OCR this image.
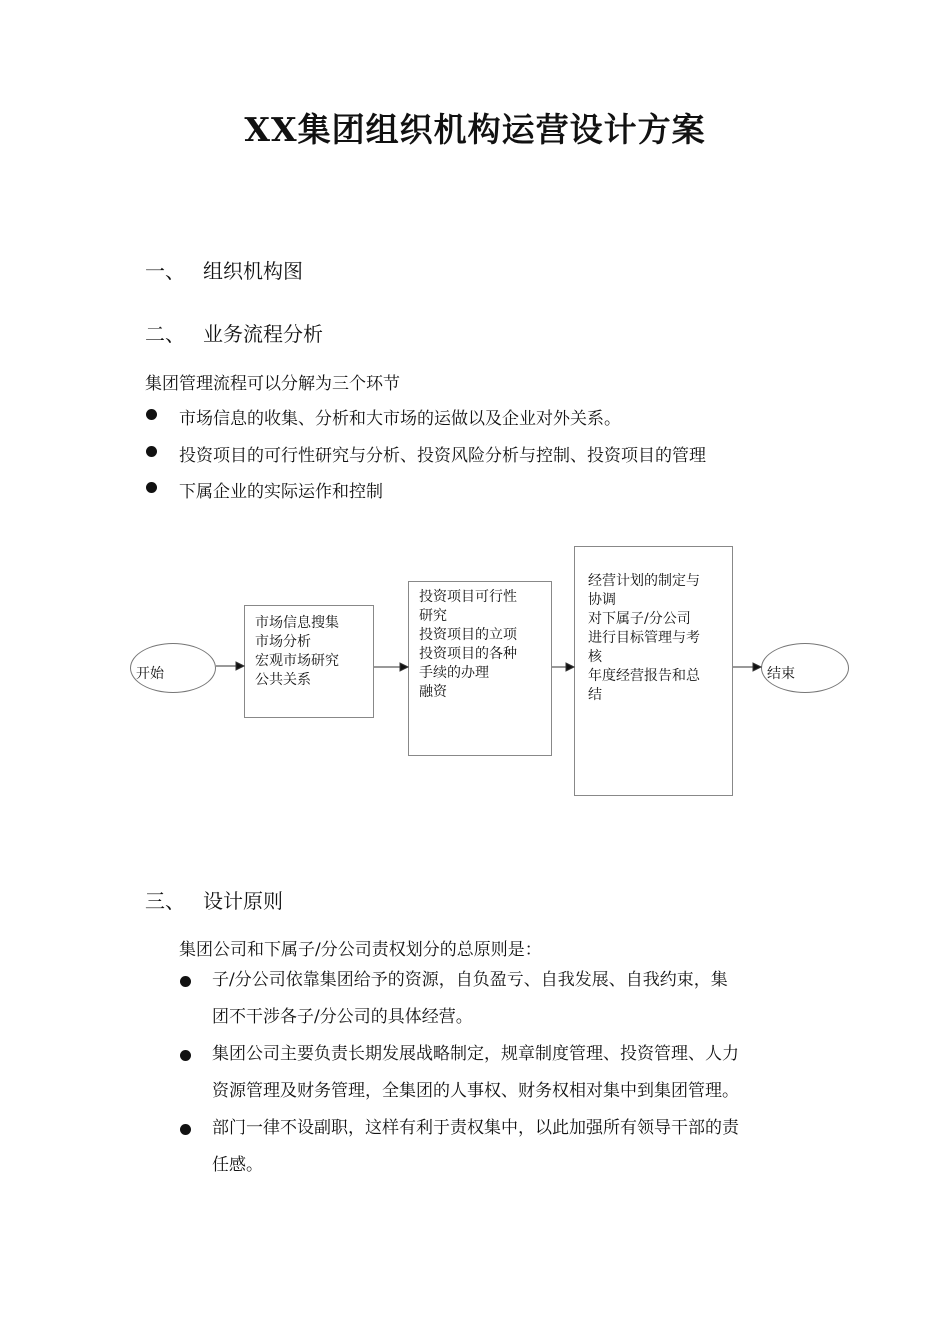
XX集团组织机构运营设计方案
一、 组织机构图
二、 业务流程分析
集团管理流程可以分解为三个环节
市场信息的收集、分析和大市场的运做以及企业对外关系。
投资项目的可行性研究与分析、投资风险分析与控制、投资项目的管理
下属企业的实际运作和控制
开始
市场信息搜集
市场分析
宏观市场研究
公共关系
投资项目可行性
研究
投资项目的立项
投资项目的各种
手续的办理
融资
经营计划的制定与
协调
对下属子/分公司
进行目标管理与考
核
年度经营报告和总
结
结束
三、 设计原则
集团公司和下属子/分公司责权划分的总原则是：
子/分公司依靠集团给予的资源，自负盈亏、自我发展、自我约束，集
团不干涉各子/分公司的具体经营。
集团公司主要负责长期发展战略制定，规章制度管理、投资管理、人力
资源管理及财务管理，全集团的人事权、财务权相对集中到集团管理。
部门一律不设副职，这样有利于责权集中，以此加强所有领导干部的责
任感。
